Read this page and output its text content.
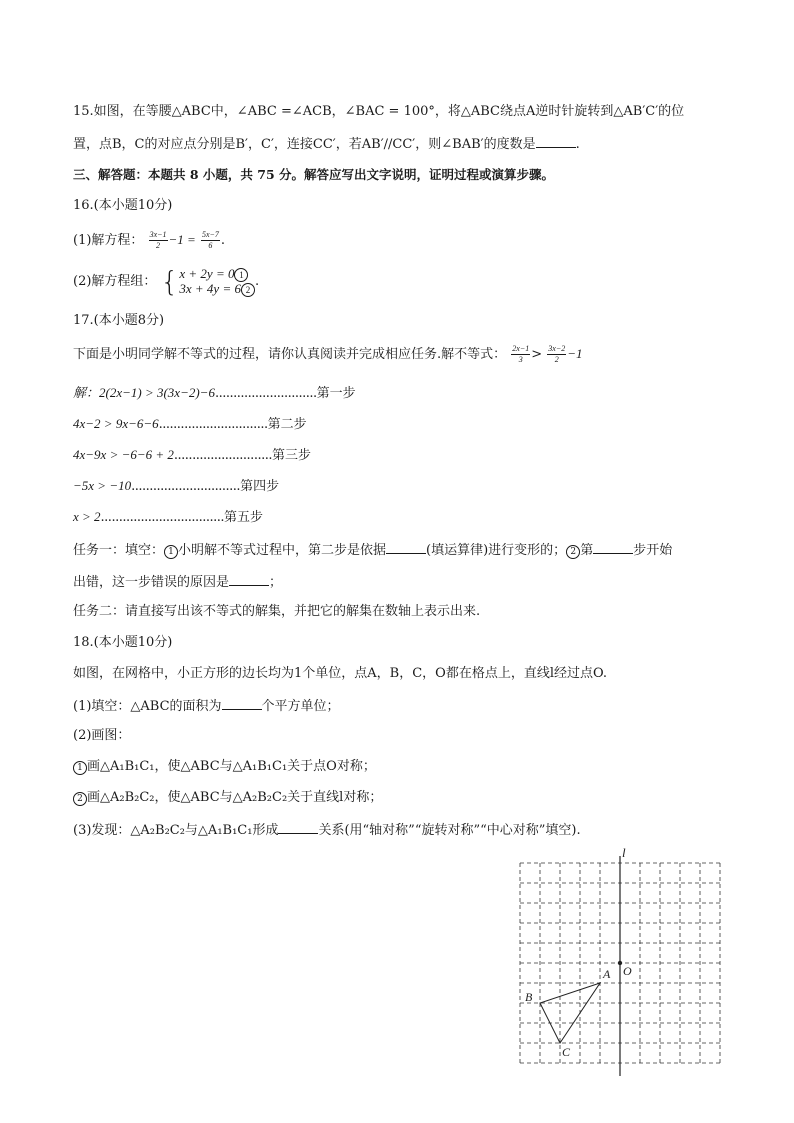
15.如图，在等腰△ABC中，∠ABC =∠ACB，∠BAC = 100°，将△ABC绕点A逆时针旋转到△AB′C′的位
置，点B，C的对应点分别是B′，C′，连接CC′，若AB′//CC′，则∠BAB′的度数是	.
三、解答题：本题共 8 小题，共 75 分。解答应写出文字说明，证明过程或演算步骤。
16.(本小题10分)
(1)解方程： $\frac{3x-1}{2} -1 = \frac{5x-7}{6}$ .
(2)解方程组： { x + 2y = 0 1
3x + 4y = 6 2
.
17.(本小题8分)
下面是小明同学解不等式的过程，请你认真阅读并完成相应任务.解不等式： $\frac{2x-1}{3} > \frac{3x-2}{2} -1$
解：2(2x−1) > 3(3x−2)−6............................第一步
4x−2 > 9x−6−6..............................第二步
4x−9x > −6−6 + 2...........................第三步
−5x > −10..............................第四步
x > 2..................................第五步
任务一：填空： 1 小明解不等式过程中，第二步是依据	(填运算律)进行变形的； 2 第	步开始
出错，这一步错误的原因是	；
任务二：请直接写出该不等式的解集，并把它的解集在数轴上表示出来.
18.(本小题10分)
如图，在网格中，小正方形的边长均为1个单位，点A，B，C，O都在格点上，直线l经过点O.
(1)填空：△ABC的面积为	个平方单位；
(2)画图：
1 画△A₁B₁C₁，使△ABC与△A₁B₁C₁关于点O对称；
2 画△A₂B₂C₂，使△ABC与△A₂B₂C₂关于直线l对称；
(3)发现：△A₂B₂C₂与△A₁B₁C₁形成	关系(用“轴对称”“旋转对称”“中心对称”填空).
l
O
A
B
C
